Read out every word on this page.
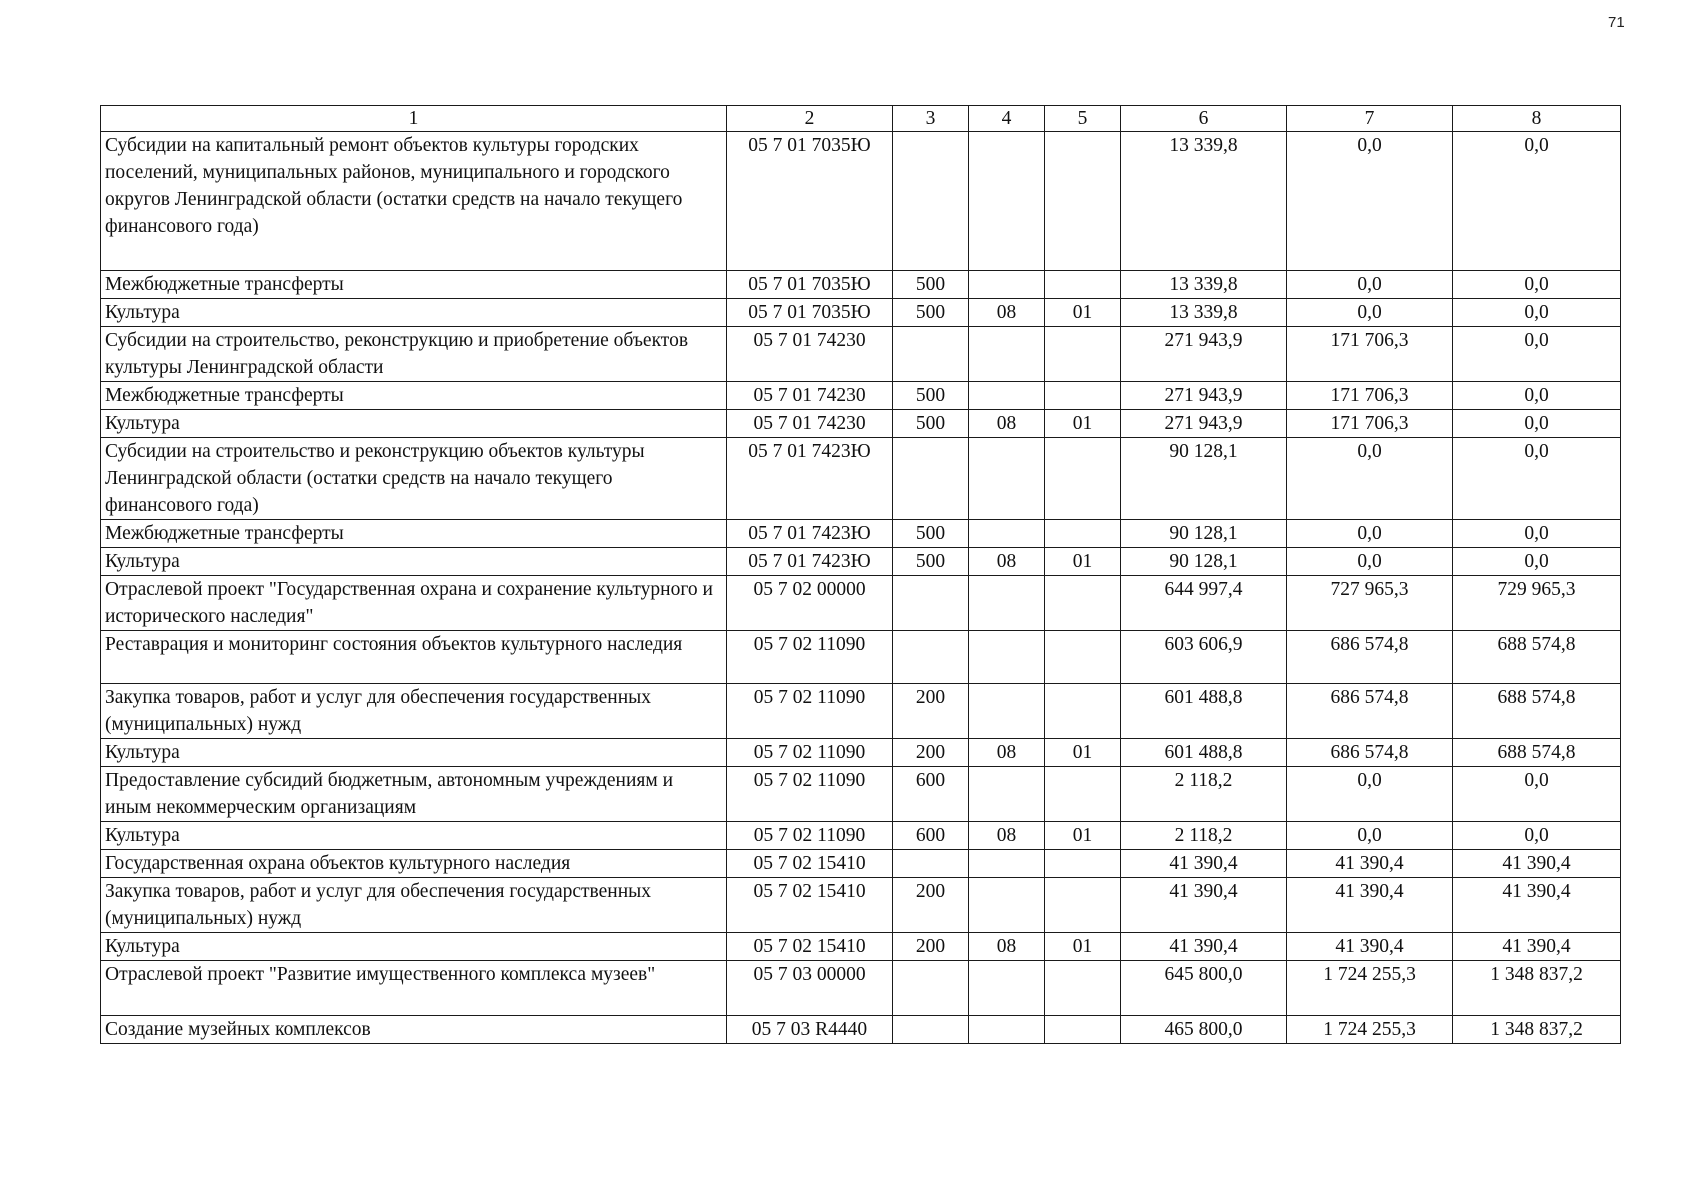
71
1	2	3	4	5	6	7	8
Субсидии на капитальный ремонт объектов культуры городских поселений, муниципальных районов, муниципального и городского округов Ленинградской области (остатки средств на начало текущего финансового года)	05 7 01 7035Ю				13 339,8	0,0	0,0
Межбюджетные трансферты	05 7 01 7035Ю	500			13 339,8	0,0	0,0
Культура	05 7 01 7035Ю	500	08	01	13 339,8	0,0	0,0
Субсидии на строительство, реконструкцию и приобретение объектов культуры Ленинградской области	05 7 01 74230				271 943,9	171 706,3	0,0
Межбюджетные трансферты	05 7 01 74230	500			271 943,9	171 706,3	0,0
Культура	05 7 01 74230	500	08	01	271 943,9	171 706,3	0,0
Субсидии на строительство и реконструкцию объектов культуры Ленинградской области (остатки средств на начало текущего финансового года)	05 7 01 7423Ю				90 128,1	0,0	0,0
Межбюджетные трансферты	05 7 01 7423Ю	500			90 128,1	0,0	0,0
Культура	05 7 01 7423Ю	500	08	01	90 128,1	0,0	0,0
Отраслевой проект "Государственная охрана и сохранение культурного и исторического наследия"	05 7 02 00000				644 997,4	727 965,3	729 965,3
Реставрация и мониторинг состояния объектов культурного наследия	05 7 02 11090				603 606,9	686 574,8	688 574,8
Закупка товаров, работ и услуг для обеспечения государственных (муниципальных) нужд	05 7 02 11090	200			601 488,8	686 574,8	688 574,8
Культура	05 7 02 11090	200	08	01	601 488,8	686 574,8	688 574,8
Предоставление субсидий бюджетным, автономным учреждениям и иным некоммерческим организациям	05 7 02 11090	600			2 118,2	0,0	0,0
Культура	05 7 02 11090	600	08	01	2 118,2	0,0	0,0
Государственная охрана объектов культурного наследия	05 7 02 15410				41 390,4	41 390,4	41 390,4
Закупка товаров, работ и услуг для обеспечения государственных (муниципальных) нужд	05 7 02 15410	200			41 390,4	41 390,4	41 390,4
Культура	05 7 02 15410	200	08	01	41 390,4	41 390,4	41 390,4
Отраслевой проект "Развитие имущественного комплекса музеев"	05 7 03 00000				645 800,0	1 724 255,3	1 348 837,2
Создание музейных комплексов	05 7 03 R4440				465 800,0	1 724 255,3	1 348 837,2
